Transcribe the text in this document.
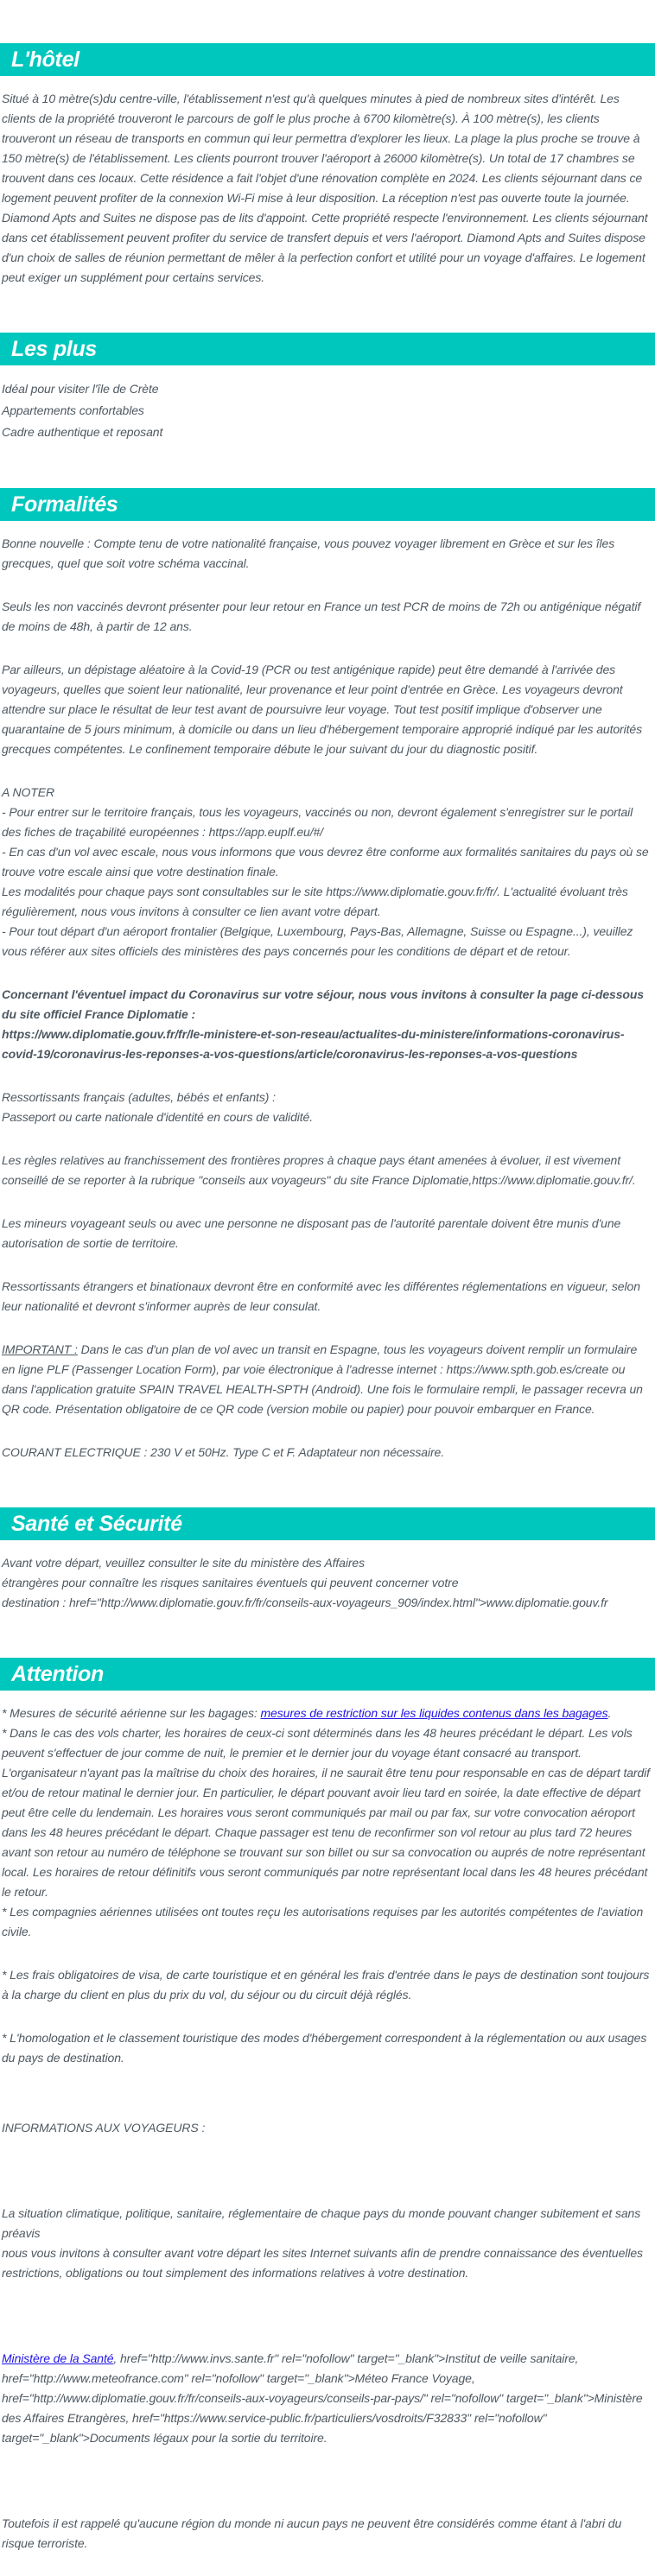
L'hôtel

Situé à 10 mètre(s)du centre-ville, l'établissement n'est qu'à quelques minutes à pied de nombreux sites d'intérêt. Les clients de la propriété trouveront le parcours de golf le plus proche à 6700 kilomètre(s). À 100 mètre(s), les clients trouveront un réseau de transports en commun qui leur permettra d'explorer les lieux. La plage la plus proche se trouve à 150 mètre(s) de l'établissement. Les clients pourront trouver l'aéroport à 26000 kilomètre(s). Un total de 17 chambres se trouvent dans ces locaux. Cette résidence a fait l'objet d'une rénovation complète en 2024. Les clients séjournant dans ce logement peuvent profiter de la connexion Wi-Fi mise à leur disposition. La réception n'est pas ouverte toute la journée. Diamond Apts and Suites ne dispose pas de lits d'appoint. Cette propriété respecte l'environnement. Les clients séjournant dans cet établissement peuvent profiter du service de transfert depuis et vers l'aéroport. Diamond Apts and Suites dispose d'un choix de salles de réunion permettant de mêler à la perfection confort et utilité pour un voyage d'affaires. Le logement peut exiger un supplément pour certains services.

Les plus

Idéal pour visiter l'île de Crète

Appartements confortables

Cadre authentique et reposant

Formalités

Bonne nouvelle : Compte tenu de votre nationalité française, vous pouvez voyager librement en Grèce et sur les îles grecques, quel que soit votre schéma vaccinal.

Seuls les non vaccinés devront présenter pour leur retour en France un test PCR de moins de 72h ou antigénique négatif de moins de 48h, à partir de 12 ans.

Par ailleurs, un dépistage aléatoire à la Covid-19 (PCR ou test antigénique rapide) peut être demandé à l'arrivée des voyageurs, quelles que soient leur nationalité, leur provenance et leur point d'entrée en Grèce. Les voyageurs devront attendre sur place le résultat de leur test avant de poursuivre leur voyage. Tout test positif implique d'observer une quarantaine de 5 jours minimum, à domicile ou dans un lieu d'hébergement temporaire approprié indiqué par les autorités grecques compétentes. Le confinement temporaire débute le jour suivant du jour du diagnostic positif.

A NOTER

- Pour entrer sur le territoire français, tous les voyageurs, vaccinés ou non, devront également s'enregistrer sur le portail des fiches de traçabilité européennes : https://app.euplf.eu/#/

- En cas d'un vol avec escale, nous vous informons que vous devrez être conforme aux formalités sanitaires du pays où se trouve votre escale ainsi que votre destination finale.

Les modalités pour chaque pays sont consultables sur le site https://www.diplomatie.gouv.fr/fr/. L'actualité évoluant très régulièrement, nous vous invitons à consulter ce lien avant votre départ.

- Pour tout départ d'un aéroport frontalier (Belgique, Luxembourg, Pays-Bas, Allemagne, Suisse ou Espagne...), veuillez vous référer aux sites officiels des ministères des pays concernés pour les conditions de départ et de retour.

Concernant l'éventuel impact du Coronavirus sur votre séjour, nous vous invitons à consulter la page ci-dessous du site officiel France Diplomatie :

https://www.diplomatie.gouv.fr/fr/le-ministere-et-son-reseau/actualites-du-ministere/informations-coronavirus-covid-19/coronavirus-les-reponses-a-vos-questions/article/coronavirus-les-reponses-a-vos-questions

Ressortissants français (adultes, bébés et enfants) :

Passeport ou carte nationale d'identité en cours de validité.

Les règles relatives au franchissement des frontières propres à chaque pays étant amenées à évoluer, il est vivement conseillé de se reporter à la rubrique "conseils aux voyageurs" du site France Diplomatie,https://www.diplomatie.gouv.fr/.

Les mineurs voyageant seuls ou avec une personne ne disposant pas de l'autorité parentale doivent être munis d'une autorisation de sortie de territoire.

Ressortissants étrangers et binationaux devront être en conformité avec les différentes réglementations en vigueur, selon leur nationalité et devront s'informer auprès de leur consulat.

IMPORTANT : Dans le cas d'un plan de vol avec un transit en Espagne, tous les voyageurs doivent remplir un formulaire en ligne PLF (Passenger Location Form), par voie électronique à l'adresse internet : https://www.spth.gob.es/create ou dans l'application gratuite SPAIN TRAVEL HEALTH-SPTH (Android). Une fois le formulaire rempli, le passager recevra un QR code. Présentation obligatoire de ce QR code (version mobile ou papier) pour pouvoir embarquer en France.

COURANT ELECTRIQUE : 230 V et 50Hz. Type C et F. Adaptateur non nécessaire.

Santé et Sécurité

Avant votre départ, veuillez consulter le site du ministère des Affaires

étrangères pour connaître les risques sanitaires éventuels qui peuvent concerner votre

destination : href="http://www.diplomatie.gouv.fr/fr/conseils-aux-voyageurs_909/index.html">www.diplomatie.gouv.fr

Attention

* Mesures de sécurité aérienne sur les bagages: mesures de restriction sur les liquides contenus dans les bagages.

* Dans le cas des vols charter, les horaires de ceux-ci sont déterminés dans les 48 heures précédant le départ. Les vols peuvent s'effectuer de jour comme de nuit, le premier et le dernier jour du voyage étant consacré au transport. L'organisateur n'ayant pas la maîtrise du choix des horaires, il ne saurait être tenu pour responsable en cas de départ tardif et/ou de retour matinal le dernier jour. En particulier, le départ pouvant avoir lieu tard en soirée, la date effective de départ peut être celle du lendemain. Les horaires vous seront communiqués par mail ou par fax, sur votre convocation aéroport dans les 48 heures précédant le départ. Chaque passager est tenu de reconfirmer son vol retour au plus tard 72 heures avant son retour au numéro de téléphone se trouvant sur son billet ou sur sa convocation ou auprés de notre représentant local. Les horaires de retour définitifs vous seront communiqués par notre représentant local dans les 48 heures précédant le retour.

* Les compagnies aériennes utilisées ont toutes reçu les autorisations requises par les autorités compétentes de l'aviation civile.

* Les frais obligatoires de visa, de carte touristique et en général les frais d'entrée dans le pays de destination sont toujours à la charge du client en plus du prix du vol, du séjour ou du circuit déjà réglés.

* L'homologation et le classement touristique des modes d'hébergement correspondent à la réglementation ou aux usages du pays de destination.

INFORMATIONS AUX VOYAGEURS :

La situation climatique, politique, sanitaire, réglementaire de chaque pays du monde pouvant changer subitement et sans préavis

nous vous invitons à consulter avant votre départ les sites Internet suivants afin de prendre connaissance des éventuelles restrictions, obligations ou tout simplement des informations relatives à votre destination.

Ministère de la Santé, href="http://www.invs.sante.fr" rel="nofollow" target="_blank">Institut de veille sanitaire, href="http://www.meteofrance.com" rel="nofollow" target="_blank">Méteo France Voyage, href="http://www.diplomatie.gouv.fr/fr/conseils-aux-voyageurs/conseils-par-pays/" rel="nofollow" target="_blank">Ministère des Affaires Etrangères, href="https://www.service-public.fr/particuliers/vosdroits/F32833" rel="nofollow" target="_blank">Documents légaux pour la sortie du territoire.

Toutefois il est rappelé qu'aucune région du monde ni aucun pays ne peuvent être considérés comme étant à l'abri du risque terroriste.
